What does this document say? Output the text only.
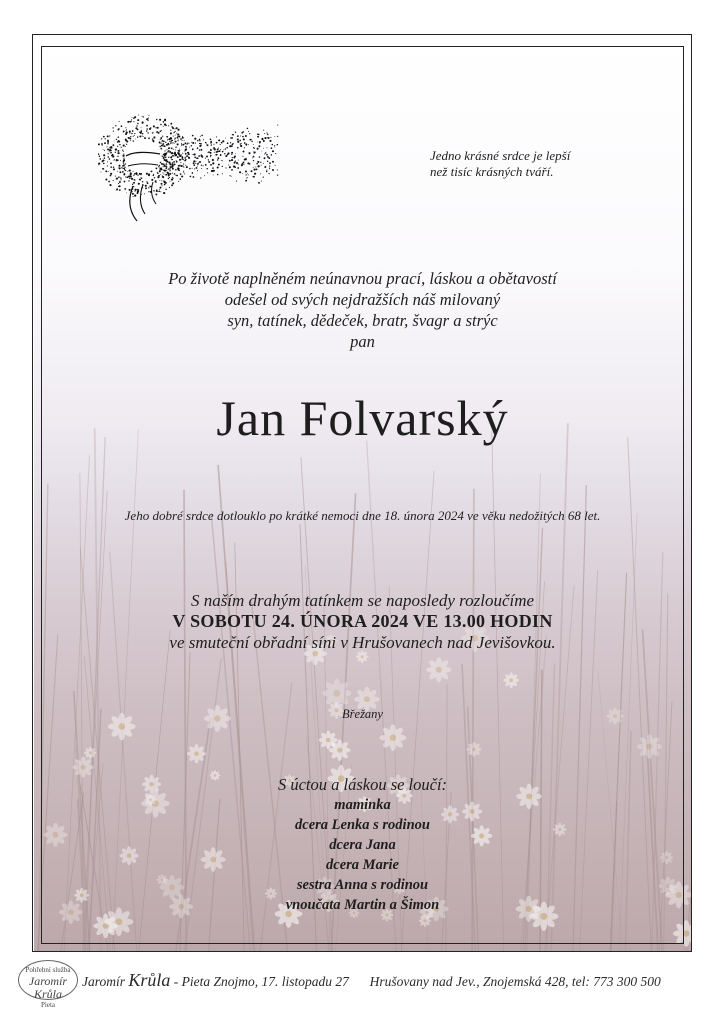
Jedno krásné srdce je lepší
než tisíc krásných tváří.
Po životě naplněném neúnavnou prací, láskou a obětavostí
odešel od svých nejdražších náš milovaný
syn, tatínek, dědeček, bratr, švagr a strýc
pan
Jan Folvarský
Jeho dobré srdce dotlouklo po krátké nemoci dne 18. února 2024 ve věku nedožitých 68 let.
S naším drahým tatínkem se naposledy rozloučíme
V SOBOTU 24. ÚNORA 2024 VE 13.00 HODIN
ve smuteční obřadní síni v Hrušovanech nad Jevišovkou.
Břežany
S úctou a láskou se loučí:
maminka
dcera Lenka s rodinou
dcera Jana
dcera Marie
sestra Anna s rodinou
vnoučata Martin a Šimon
Pohřební služba
Jaromír Krůla
Pieta
Jaromír Krůla - Pieta Znojmo, 17. listopadu 27 Hrušovany nad Jev., Znojemská 428, tel: 773 300 500
